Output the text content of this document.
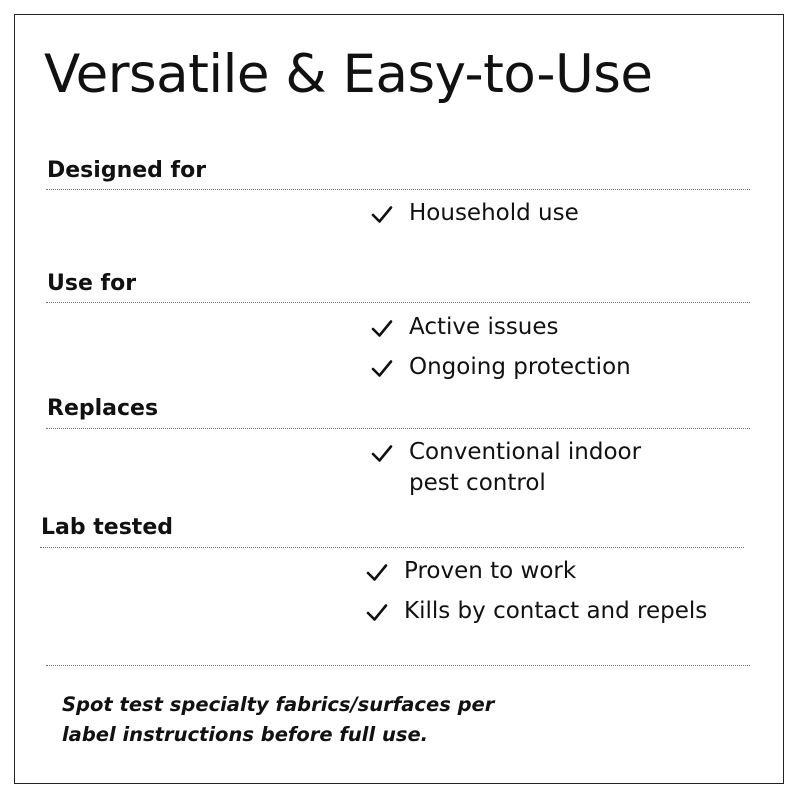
Versatile & Easy-to-Use
Designed for
Household use
Use for
Active issues
Ongoing protection
Replaces
Conventional indoor
pest control
Lab tested
Proven to work
Kills by contact and repels
Spot test specialty fabrics/surfaces per
label instructions before full use.
